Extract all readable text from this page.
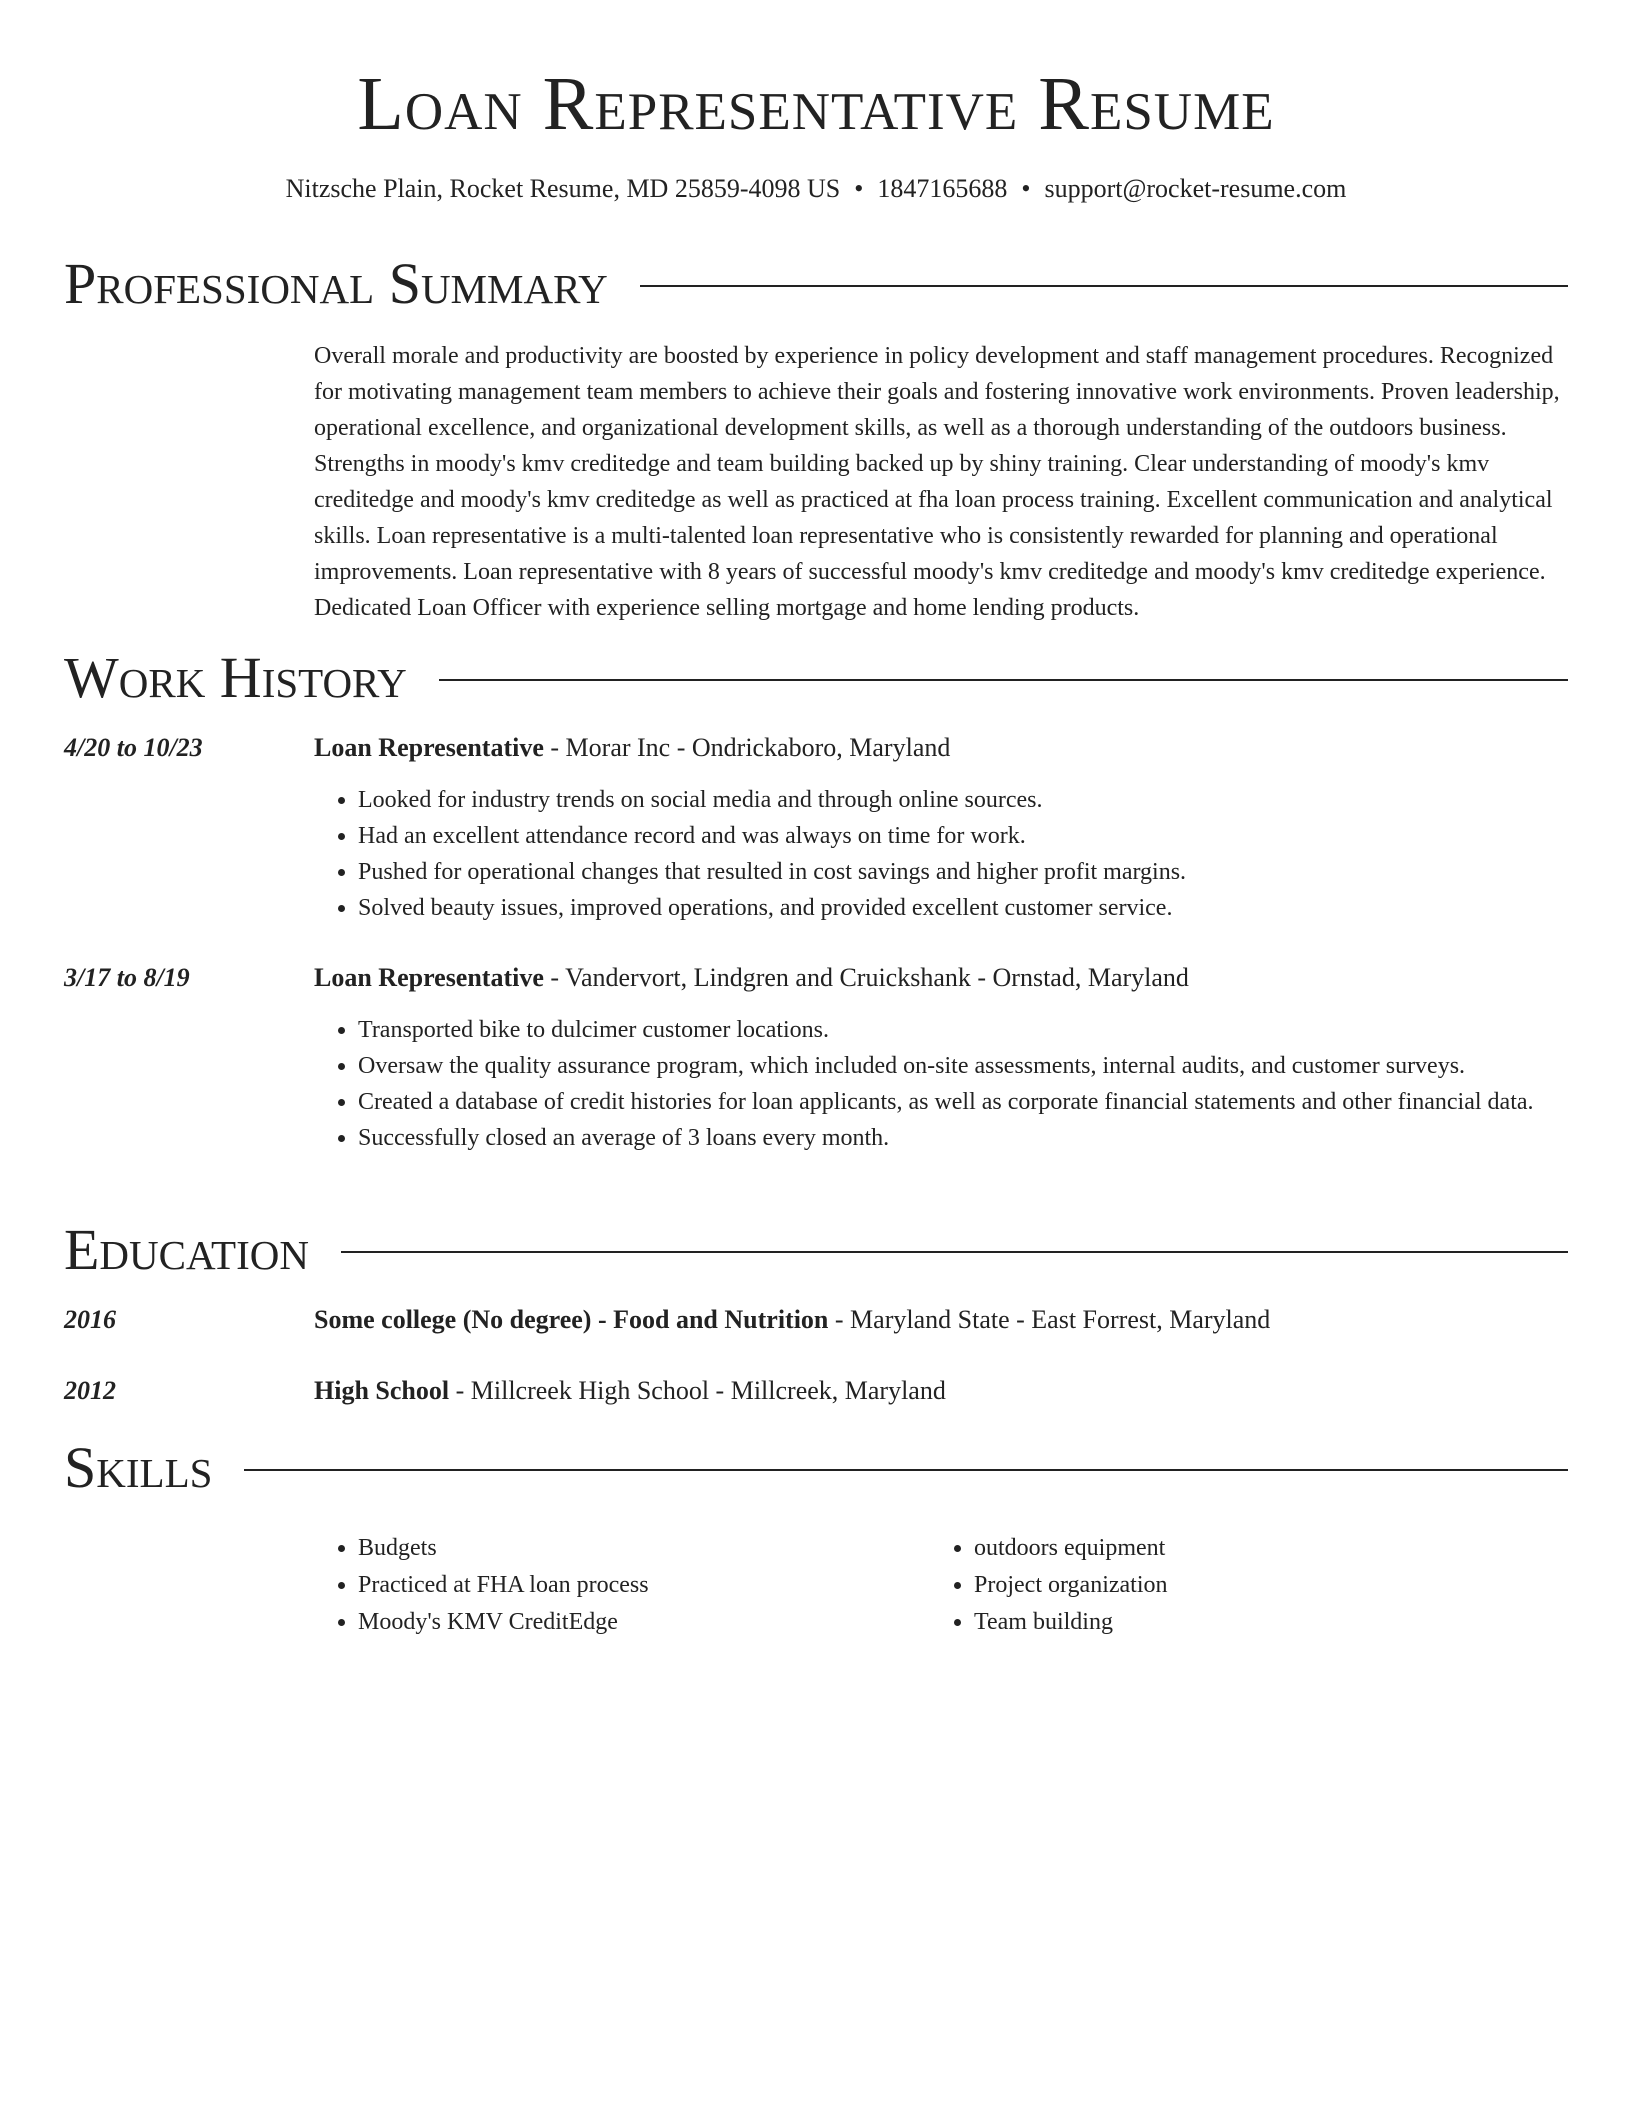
Loan Representative Resume
Nitzsche Plain, Rocket Resume, MD 25859-4098 US • 1847165688 • support@rocket-resume.com
Professional Summary
Overall morale and productivity are boosted by experience in policy development and staff management procedures. Recognized for motivating management team members to achieve their goals and fostering innovative work environments. Proven leadership, operational excellence, and organizational development skills, as well as a thorough understanding of the outdoors business. Strengths in moody's kmv creditedge and team building backed up by shiny training. Clear understanding of moody's kmv creditedge and moody's kmv creditedge as well as practiced at fha loan process training. Excellent communication and analytical skills. Loan representative is a multi-talented loan representative who is consistently rewarded for planning and operational improvements. Loan representative with 8 years of successful moody's kmv creditedge and moody's kmv creditedge experience. Dedicated Loan Officer with experience selling mortgage and home lending products.
Work History
4/20 to 10/23	Loan Representative - Morar Inc - Ondrickaboro, Maryland
• Looked for industry trends on social media and through online sources.
• Had an excellent attendance record and was always on time for work.
• Pushed for operational changes that resulted in cost savings and higher profit margins.
• Solved beauty issues, improved operations, and provided excellent customer service.
3/17 to 8/19	Loan Representative - Vandervort, Lindgren and Cruickshank - Ornstad, Maryland
• Transported bike to dulcimer customer locations.
• Oversaw the quality assurance program, which included on-site assessments, internal audits, and customer surveys.
• Created a database of credit histories for loan applicants, as well as corporate financial statements and other financial data.
• Successfully closed an average of 3 loans every month.
Education
2016	Some college (No degree) - Food and Nutrition - Maryland State - East Forrest, Maryland
2012	High School - Millcreek High School - Millcreek, Maryland
Skills
• Budgets
• Practiced at FHA loan process
• Moody's KMV CreditEdge
• outdoors equipment
• Project organization
• Team building
